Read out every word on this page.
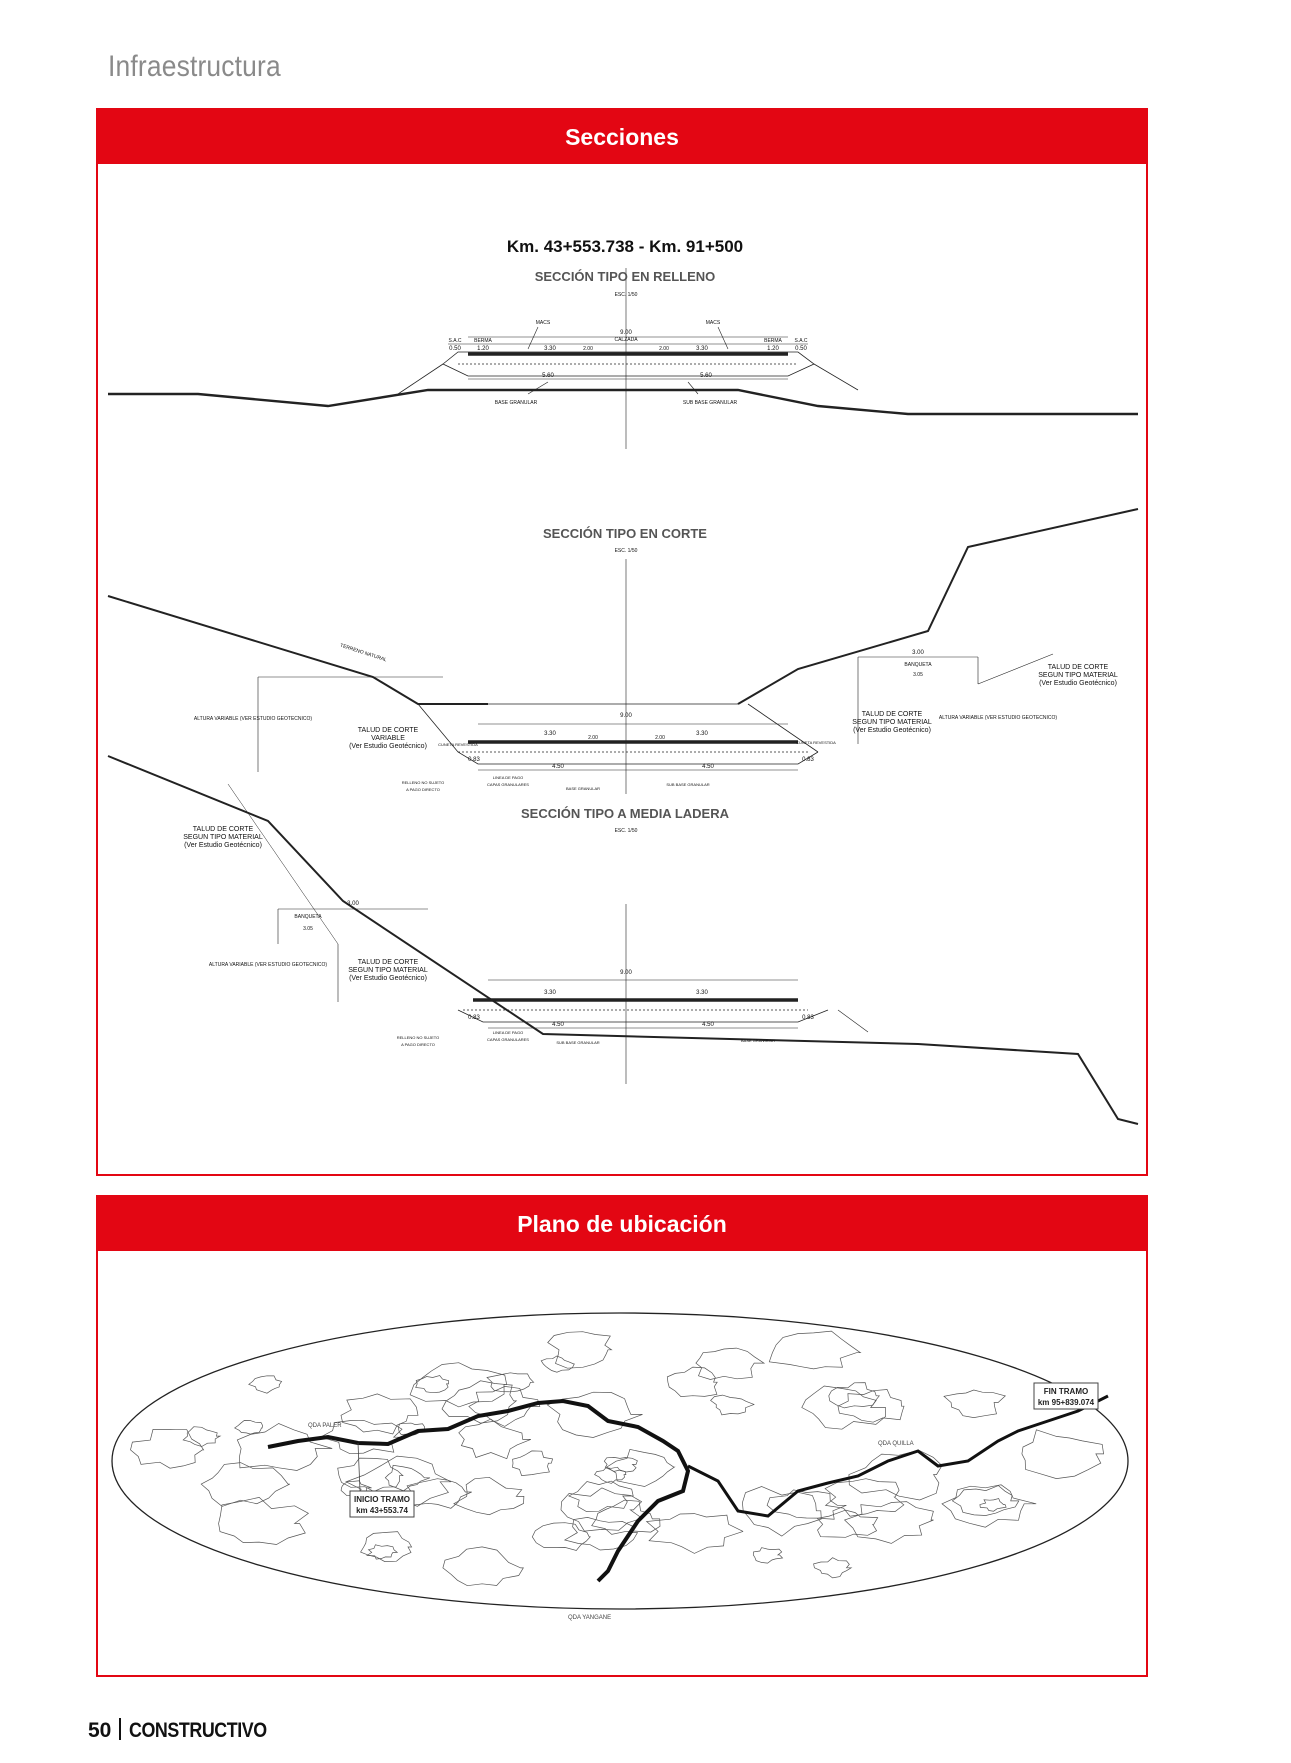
Infraestructura
Secciones
Km. 43+553.738 - Km. 91+500
SECCIÓN TIPO EN RELLENO
ESC. 1/50
9.00
CALZADA
3.30	3.30
BERMA
1.20
BERMA
1.20
S.A.C
0.50
S.A.C
0.50
MACS	MACS
2.00	2.00
5.60	5.60
BASE GRANULAR	SUB BASE GRANULAR
SECCIÓN TIPO EN CORTE
ESC. 1/50
TERRENO NATURAL
ALTURA VARIABLE (VER ESTUDIO GEOTECNICO)	ALTURA VARIABLE (VER ESTUDIO GEOTECNICO)
TALUD DE CORTE
VARIABLE
(Ver Estudio Geotécnico)
TALUD DE CORTE
SEGUN TIPO MATERIAL
(Ver Estudio Geotécnico)
TALUD DE CORTE
SEGUN TIPO MATERIAL
(Ver Estudio Geotécnico)
3.00
BANQUETA
3.05
9.00
3.30	3.30
2.00	2.00
0.83	0.83
4.50	4.50
CUNETA REVESTIDA	CUNETA REVESTIDA
RELLENO NO SUJETO
A PAGO DIRECTO
LINEA DE PAGO
CAPAS GRANULARES
BASE GRANULAR
SUB BASE GRANULAR
SECCIÓN TIPO A MEDIA LADERA
ESC. 1/50
TALUD DE CORTE
SEGUN TIPO MATERIAL
(Ver Estudio Geotécnico)
3.00
BANQUETA
3.05
ALTURA VARIABLE (VER ESTUDIO GEOTECNICO)	TALUD DE CORTE
SEGUN TIPO MATERIAL
(Ver Estudio Geotécnico)
9.00
3.30	3.30
0.83	0.83
4.50	4.50
RELLENO NO SUJETO
A PAGO DIRECTO
LINEA DE PAGO
CAPAS GRANULARES
SUB BASE GRANULAR	BASE GRANULAR
Plano de ubicación
QDA PALER
QDA QUILLA
QDA YANGANE
INICIO TRAMO
km 43+553.74
FIN TRAMO
km 95+839.074
50 CONSTRUCTIVO
